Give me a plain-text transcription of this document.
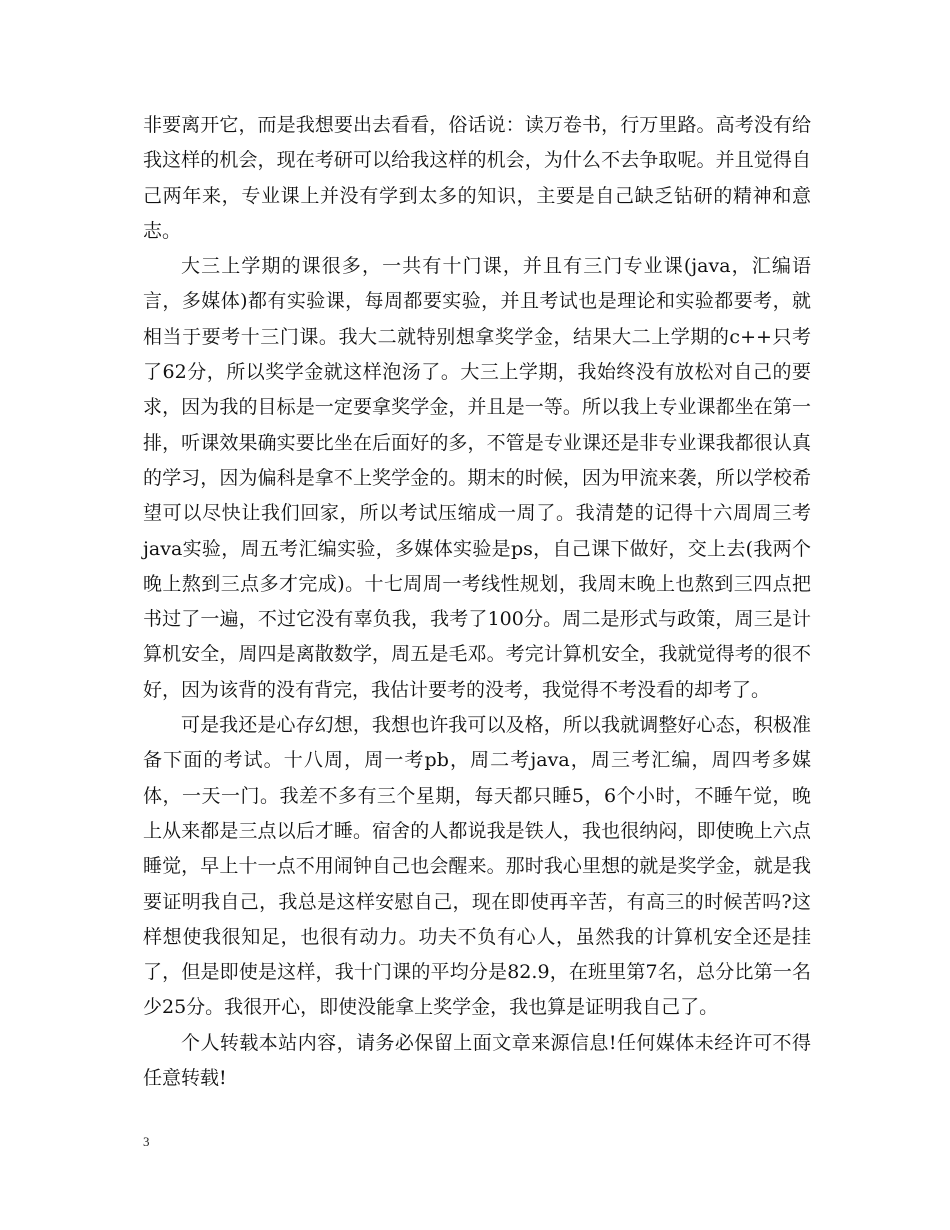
非要离开它，而是我想要出去看看，俗话说：读万卷书，行万里路。高考没有给我这样的机会，现在考研可以给我这样的机会，为什么不去争取呢。并且觉得自己两年来，专业课上并没有学到太多的知识，主要是自己缺乏钻研的精神和意志。

大三上学期的课很多，一共有十门课，并且有三门专业课(java，汇编语言，多媒体)都有实验课，每周都要实验，并且考试也是理论和实验都要考，就相当于要考十三门课。我大二就特别想拿奖学金，结果大二上学期的c++只考了62分，所以奖学金就这样泡汤了。大三上学期，我始终没有放松对自己的要求，因为我的目标是一定要拿奖学金，并且是一等。所以我上专业课都坐在第一排，听课效果确实要比坐在后面好的多，不管是专业课还是非专业课我都很认真的学习，因为偏科是拿不上奖学金的。期末的时候，因为甲流来袭，所以学校希望可以尽快让我们回家，所以考试压缩成一周了。我清楚的记得十六周周三考java实验，周五考汇编实验，多媒体实验是ps，自己课下做好，交上去(我两个晚上熬到三点多才完成)。十七周周一考线性规划，我周末晚上也熬到三四点把书过了一遍，不过它没有辜负我，我考了100分。周二是形式与政策，周三是计算机安全，周四是离散数学，周五是毛邓。考完计算机安全，我就觉得考的很不好，因为该背的没有背完，我估计要考的没考，我觉得不考没看的却考了。

可是我还是心存幻想，我想也许我可以及格，所以我就调整好心态，积极准备下面的考试。十八周，周一考pb，周二考java，周三考汇编，周四考多媒体，一天一门。我差不多有三个星期，每天都只睡5，6个小时，不睡午觉，晚上从来都是三点以后才睡。宿舍的人都说我是铁人，我也很纳闷，即使晚上六点睡觉，早上十一点不用闹钟自己也会醒来。那时我心里想的就是奖学金，就是我要证明我自己，我总是这样安慰自己，现在即使再辛苦，有高三的时候苦吗?这样想使我很知足，也很有动力。功夫不负有心人，虽然我的计算机安全还是挂了，但是即使是这样，我十门课的平均分是82.9，在班里第7名，总分比第一名少25分。我很开心，即使没能拿上奖学金，我也算是证明我自己了。

个人转载本站内容，请务必保留上面文章来源信息!任何媒体未经许可不得任意转载!

3
